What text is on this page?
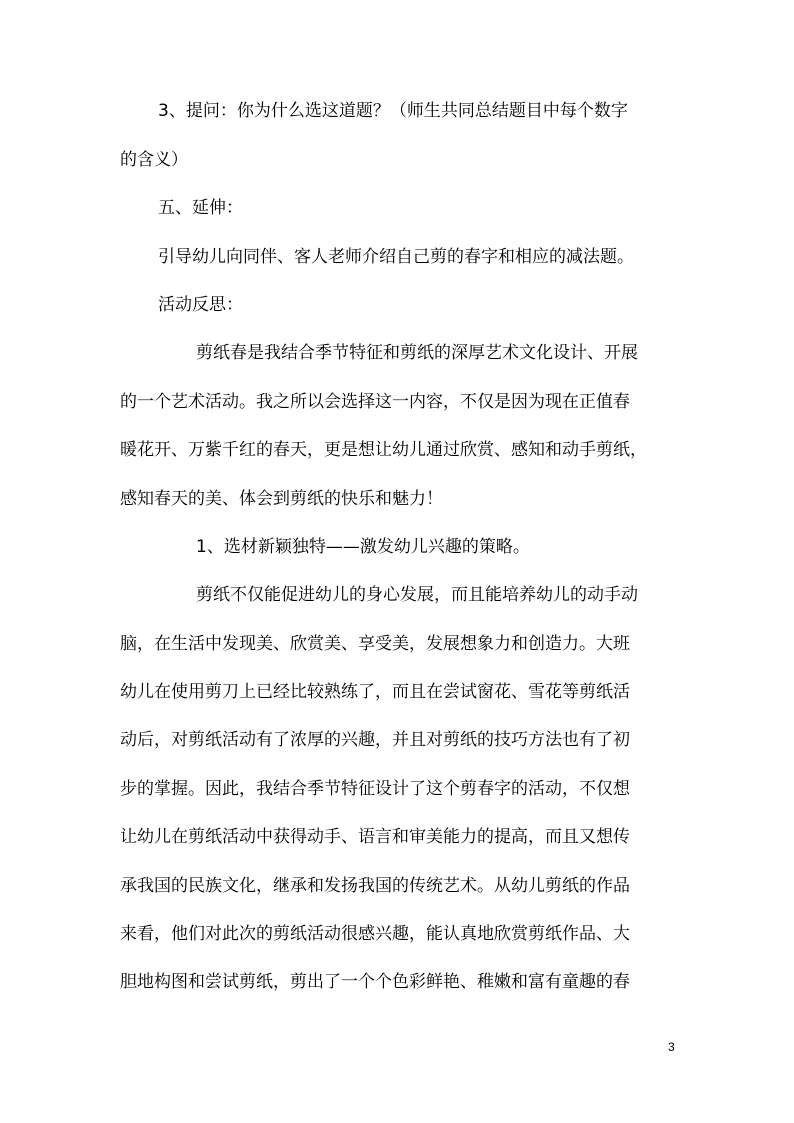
3、提问：你为什么选这道题？（师生共同总结题目中每个数字
的含义）
五、延伸：
引导幼儿向同伴、客人老师介绍自己剪的春字和相应的减法题。
活动反思：
剪纸春是我结合季节特征和剪纸的深厚艺术文化设计、开展
的一个艺术活动。我之所以会选择这一内容，不仅是因为现在正值春
暖花开、万紫千红的春天，更是想让幼儿通过欣赏、感知和动手剪纸，
感知春天的美、体会到剪纸的快乐和魅力！
1、选材新颖独特——激发幼儿兴趣的策略。
剪纸不仅能促进幼儿的身心发展，而且能培养幼儿的动手动
脑，在生活中发现美、欣赏美、享受美，发展想象力和创造力。大班
幼儿在使用剪刀上已经比较熟练了，而且在尝试窗花、雪花等剪纸活
动后，对剪纸活动有了浓厚的兴趣，并且对剪纸的技巧方法也有了初
步的掌握。因此，我结合季节特征设计了这个剪春字的活动，不仅想
让幼儿在剪纸活动中获得动手、语言和审美能力的提高，而且又想传
承我国的民族文化，继承和发扬我国的传统艺术。从幼儿剪纸的作品
来看，他们对此次的剪纸活动很感兴趣，能认真地欣赏剪纸作品、大
胆地构图和尝试剪纸，剪出了一个个色彩鲜艳、稚嫩和富有童趣的春
3
